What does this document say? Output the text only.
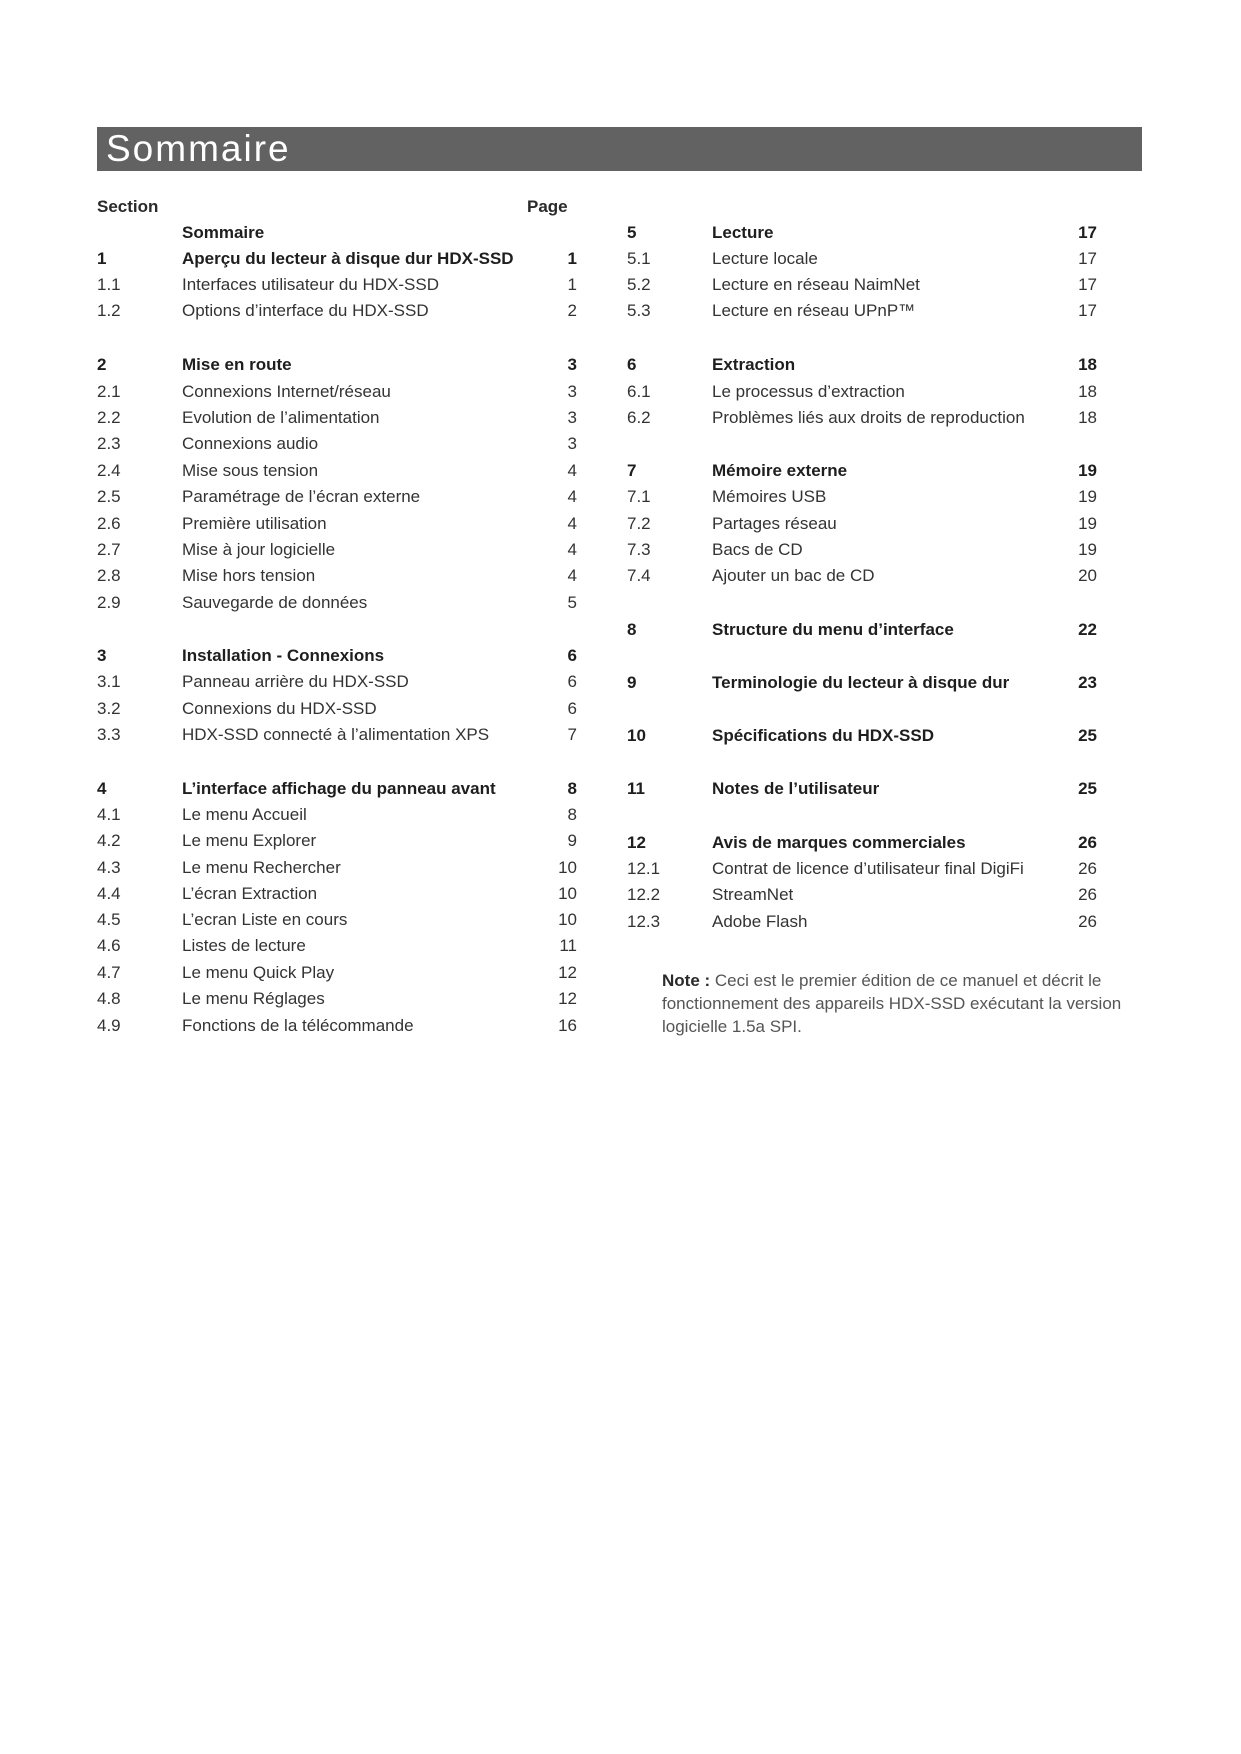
Sommaire
Section	Page
Sommaire
1	Aperçu du lecteur à disque dur HDX-SSD	1
1.1	Interfaces utilisateur du HDX-SSD	1
1.2	Options d’interface du HDX-SSD	2
2	Mise en route	3
2.1	Connexions Internet/réseau	3
2.2	Evolution de l’alimentation	3
2.3	Connexions audio	3
2.4	Mise sous tension	4
2.5	Paramétrage de l’écran externe	4
2.6	Première utilisation	4
2.7	Mise à jour logicielle	4
2.8	Mise hors tension	4
2.9	Sauvegarde de données	5
3	Installation - Connexions	6
3.1	Panneau arrière du HDX-SSD	6
3.2	Connexions du HDX-SSD	6
3.3	HDX-SSD connecté à l’alimentation XPS	7
4	L’interface affichage du panneau avant	8
4.1	Le menu Accueil	8
4.2	Le menu Explorer	9
4.3	Le menu Rechercher	10
4.4	L’écran Extraction	10
4.5	L’ecran Liste en cours	10
4.6	Listes de lecture	11
4.7	Le menu Quick Play	12
4.8	Le menu Réglages	12
4.9	Fonctions de la télécommande	16
5	Lecture	17
5.1	Lecture locale	17
5.2	Lecture en réseau NaimNet	17
5.3	Lecture en réseau UPnP™	17
6	Extraction	18
6.1	Le processus d’extraction	18
6.2	Problèmes liés aux droits de reproduction	18
7	Mémoire externe	19
7.1	Mémoires USB	19
7.2	Partages réseau	19
7.3	Bacs de CD	19
7.4	Ajouter un bac de CD	20
8	Structure du menu d’interface	22
9	Terminologie du lecteur à disque dur	23
10	Spécifications du HDX-SSD	25
11	Notes de l’utilisateur	25
12	Avis de marques commerciales	26
12.1	Contrat de licence d’utilisateur final DigiFi	26
12.2	StreamNet	26
12.3	Adobe Flash	26
Note : Ceci est le premier édition de ce manuel et décrit le fonctionnement des appareils HDX-SSD exécutant la version logicielle 1.5a SPI.
